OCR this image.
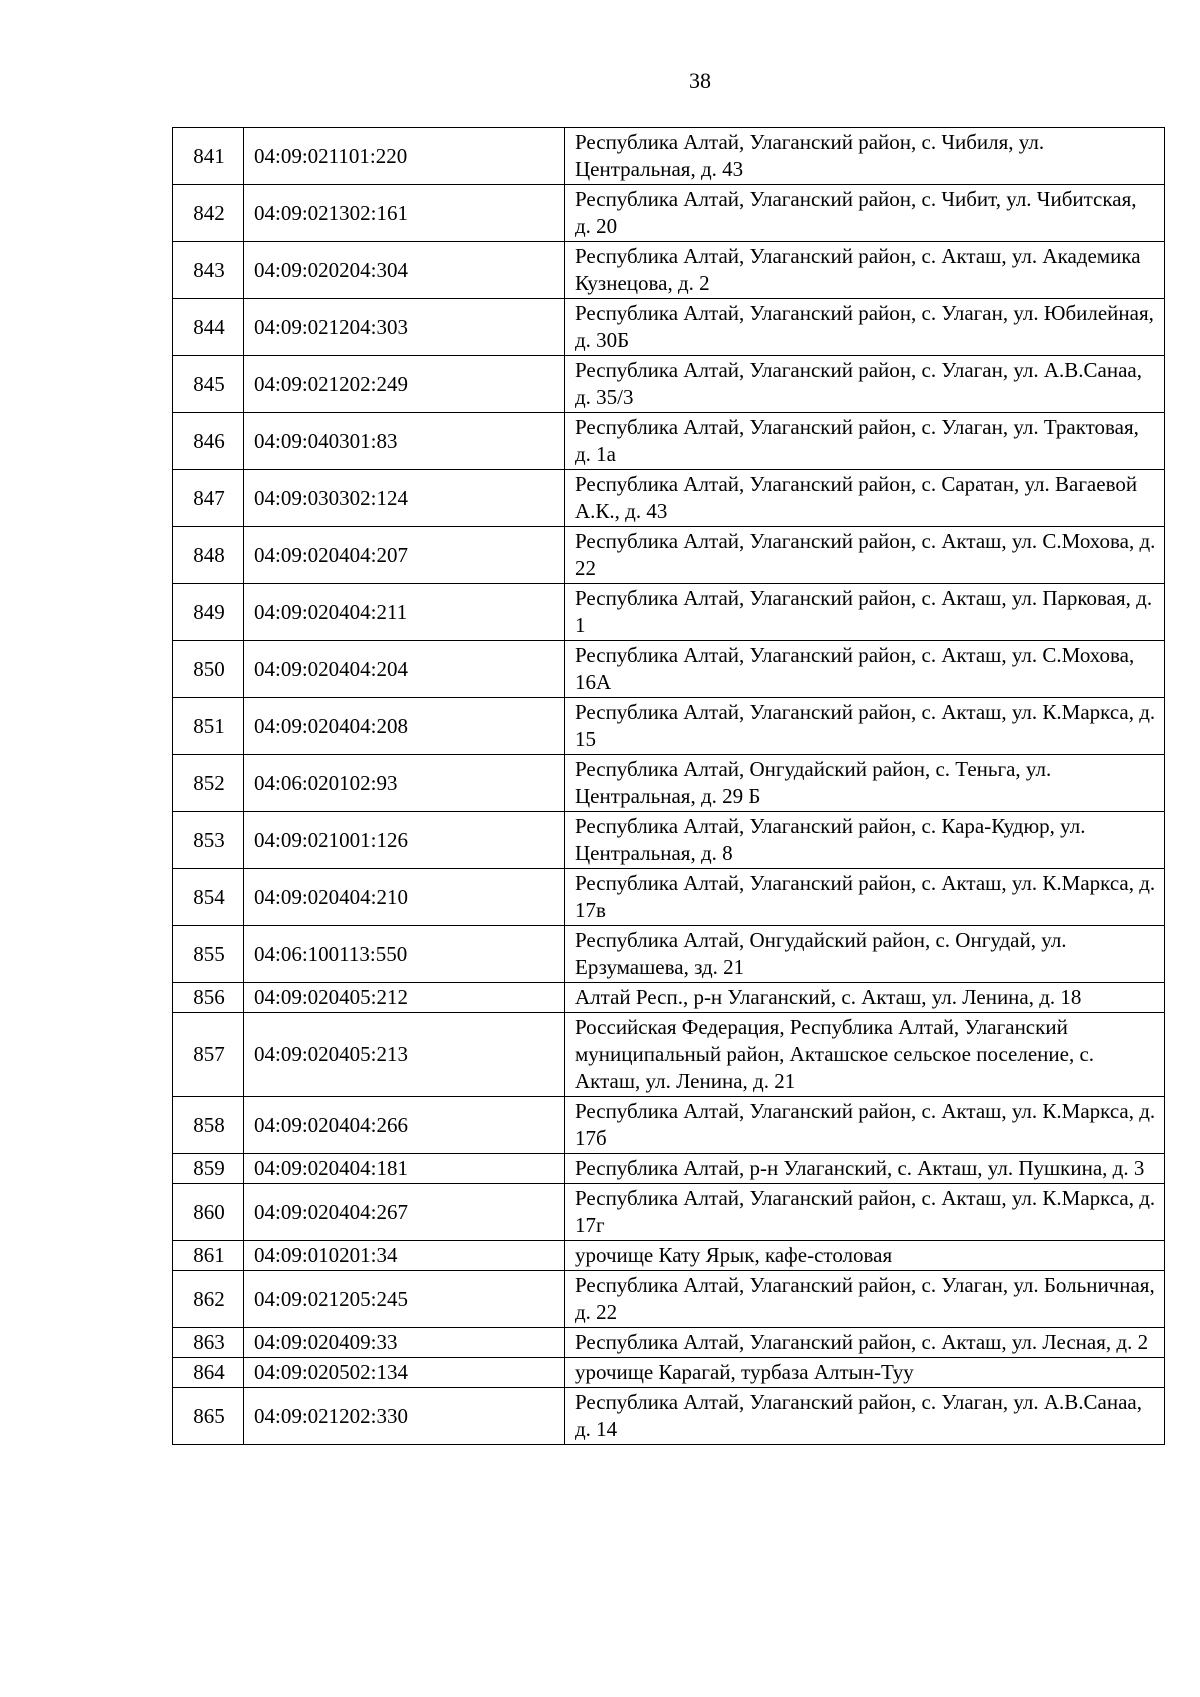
38
841	04:09:021101:220	Республика Алтай, Улаганский район, с. Чибиля, ул. Центральная, д. 43
842	04:09:021302:161	Республика Алтай, Улаганский район, с. Чибит, ул. Чибитская, д. 20
843	04:09:020204:304	Республика Алтай, Улаганский район, с. Акташ, ул. Академика Кузнецова, д. 2
844	04:09:021204:303	Республика Алтай, Улаганский район, с. Улаган, ул. Юбилейная, д. 30Б
845	04:09:021202:249	Республика Алтай, Улаганский район, с. Улаган, ул. А.В.Санаа, д. 35/3
846	04:09:040301:83	Республика Алтай, Улаганский район, с. Улаган, ул. Трактовая, д. 1а
847	04:09:030302:124	Республика Алтай, Улаганский район, с. Саратан, ул. Вагаевой А.К., д. 43
848	04:09:020404:207	Республика Алтай, Улаганский район, с. Акташ, ул. С.Мохова, д. 22
849	04:09:020404:211	Республика Алтай, Улаганский район, с. Акташ, ул. Парковая, д. 1
850	04:09:020404:204	Республика Алтай, Улаганский район, с. Акташ, ул. С.Мохова, 16А
851	04:09:020404:208	Республика Алтай, Улаганский район, с. Акташ, ул. К.Маркса, д. 15
852	04:06:020102:93	Республика Алтай, Онгудайский район, с. Теньга, ул. Центральная, д. 29 Б
853	04:09:021001:126	Республика Алтай, Улаганский район, с. Кара-Кудюр, ул. Центральная, д. 8
854	04:09:020404:210	Республика Алтай, Улаганский район, с. Акташ, ул. К.Маркса, д. 17в
855	04:06:100113:550	Республика Алтай, Онгудайский район, с. Онгудай, ул. Ерзумашева, зд. 21
856	04:09:020405:212	Алтай Респ., р-н Улаганский, с. Акташ, ул. Ленина, д. 18
857	04:09:020405:213	Российская Федерация, Республика Алтай, Улаганский муниципальный район, Акташское сельское поселение, с. Акташ, ул. Ленина, д. 21
858	04:09:020404:266	Республика Алтай, Улаганский район, с. Акташ, ул. К.Маркса, д. 17б
859	04:09:020404:181	Республика Алтай, р-н Улаганский, с. Акташ, ул. Пушкина, д. 3
860	04:09:020404:267	Республика Алтай, Улаганский район, с. Акташ, ул. К.Маркса, д. 17г
861	04:09:010201:34	урочище Кату Ярык, кафе-столовая
862	04:09:021205:245	Республика Алтай, Улаганский район, с. Улаган, ул. Больничная, д. 22
863	04:09:020409:33	Республика Алтай, Улаганский район, с. Акташ, ул. Лесная, д. 2
864	04:09:020502:134	урочище Карагай, турбаза Алтын-Туу
865	04:09:021202:330	Республика Алтай, Улаганский район, с. Улаган, ул. А.В.Санаа, д. 14
